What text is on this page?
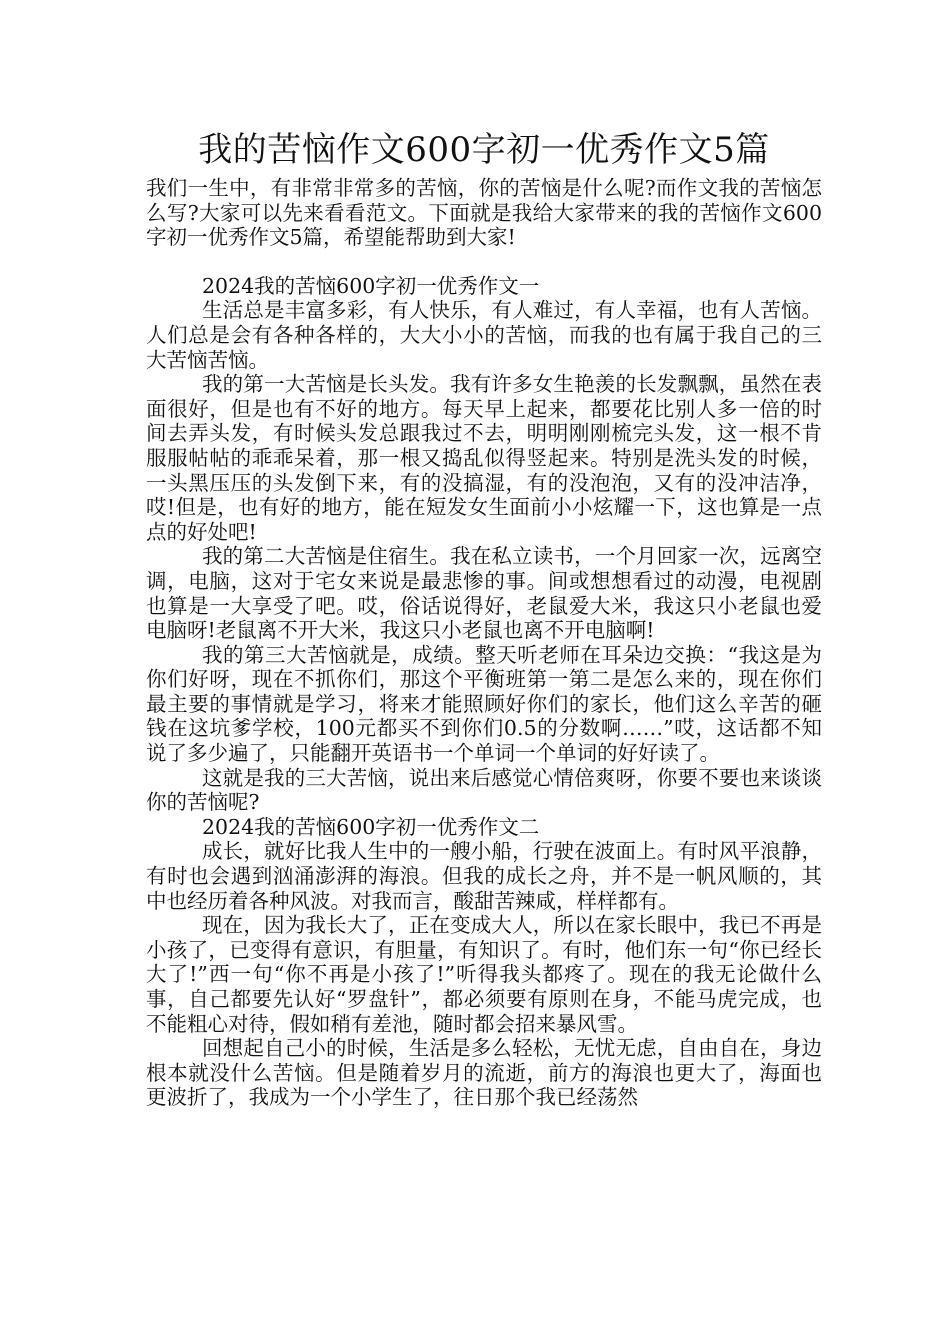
我的苦恼作文600字初一优秀作文5篇

我们一生中，有非常非常多的苦恼，你的苦恼是什么呢?而作文我的苦恼怎么写?大家可以先来看看范文。下面就是我给大家带来的我的苦恼作文600字初一优秀作文5篇，希望能帮助到大家!

2024我的苦恼600字初一优秀作文一

生活总是丰富多彩，有人快乐，有人难过，有人幸福，也有人苦恼。人们总是会有各种各样的，大大小小的苦恼，而我的也有属于我自己的三大苦恼苦恼。

我的第一大苦恼是长头发。我有许多女生艳羡的长发飘飘，虽然在表面很好，但是也有不好的地方。每天早上起来，都要花比别人多一倍的时间去弄头发，有时候头发总跟我过不去，明明刚刚梳完头发，这一根不肯服服帖帖的乖乖呆着，那一根又捣乱似得竖起来。特别是洗头发的时候，一头黑压压的头发倒下来，有的没搞湿，有的没泡泡，又有的没冲洁净，哎!但是，也有好的地方，能在短发女生面前小小炫耀一下，这也算是一点点的好处吧!

我的第二大苦恼是住宿生。我在私立读书，一个月回家一次，远离空调，电脑，这对于宅女来说是最悲惨的事。间或想想看过的动漫，电视剧也算是一大享受了吧。哎，俗话说得好，老鼠爱大米，我这只小老鼠也爱电脑呀!老鼠离不开大米，我这只小老鼠也离不开电脑啊!

我的第三大苦恼就是，成绩。整天听老师在耳朵边交换：“我这是为你们好呀，现在不抓你们，那这个平衡班第一第二是怎么来的，现在你们最主要的事情就是学习，将来才能照顾好你们的家长，他们这么辛苦的砸钱在这坑爹学校，100元都买不到你们0.5的分数啊……”哎，这话都不知说了多少遍了，只能翻开英语书一个单词一个单词的好好读了。

这就是我的三大苦恼，说出来后感觉心情倍爽呀，你要不要也来谈谈你的苦恼呢?

2024我的苦恼600字初一优秀作文二

成长，就好比我人生中的一艘小船，行驶在波面上。有时风平浪静，有时也会遇到汹涌澎湃的海浪。但我的成长之舟，并不是一帆风顺的，其中也经历着各种风波。对我而言，酸甜苦辣咸，样样都有。

现在，因为我长大了，正在变成大人，所以在家长眼中，我已不再是小孩了，已变得有意识，有胆量，有知识了。有时，他们东一句“你已经长大了!”西一句“你不再是小孩了!”听得我头都疼了。现在的我无论做什么事，自己都要先认好“罗盘针”，都必须要有原则在身，不能马虎完成，也不能粗心对待，假如稍有差池，随时都会招来暴风雪。

回想起自己小的时候，生活是多么轻松，无忧无虑，自由自在，身边根本就没什么苦恼。但是随着岁月的流逝，前方的海浪也更大了，海面也更波折了，我成为一个小学生了，往日那个我已经荡然
